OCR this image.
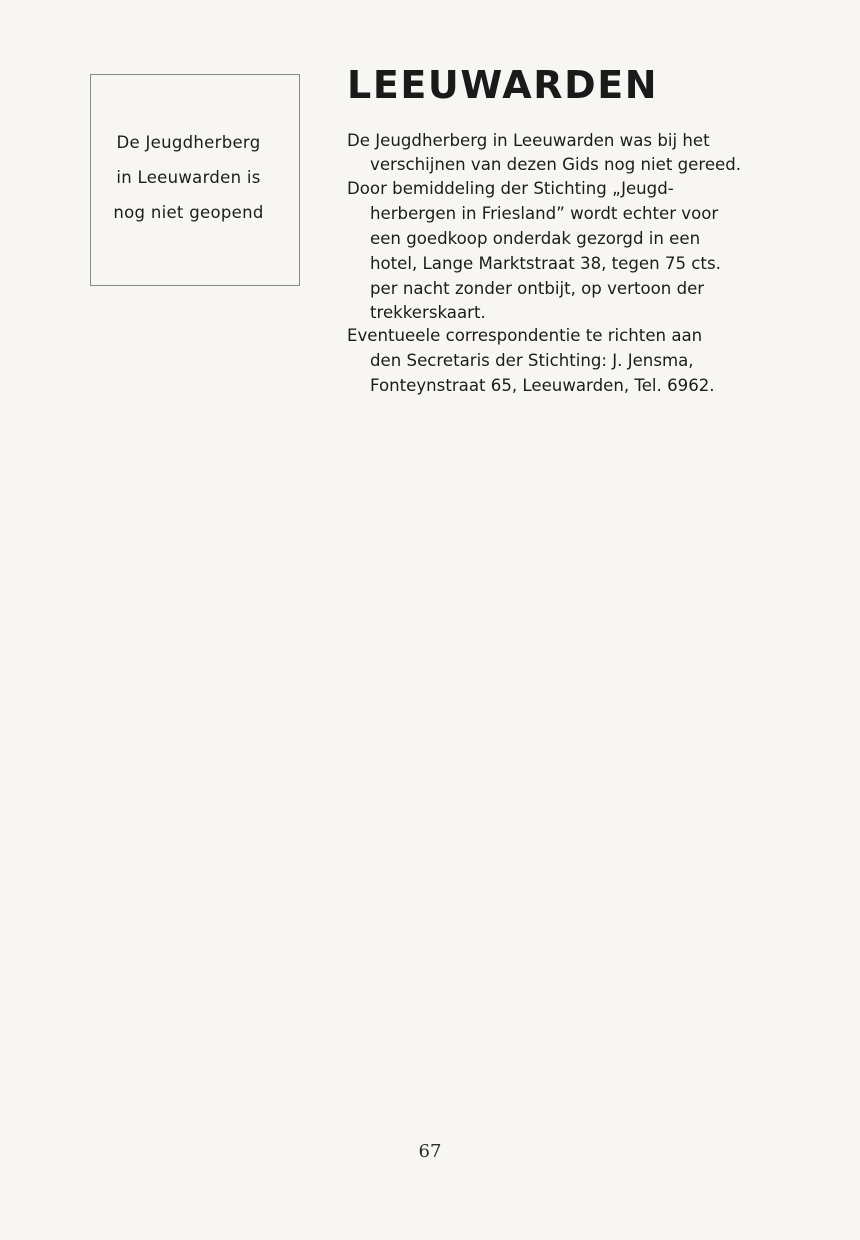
De Jeugdherberg
in Leeuwarden is
nog niet geopend
LEEUWARDEN
De Jeugdherberg in Leeuwarden was bij het
verschijnen van dezen Gids nog niet gereed.
Door bemiddeling der Stichting „Jeugd-
herbergen in Friesland” wordt echter voor
een goedkoop onderdak gezorgd in een
hotel, Lange Marktstraat 38, tegen 75 cts.
per nacht zonder ontbijt, op vertoon der
trekkerskaart.
Eventueele correspondentie te richten aan
den Secretaris der Stichting: J. Jensma,
Fonteynstraat 65, Leeuwarden, Tel. 6962.
67
